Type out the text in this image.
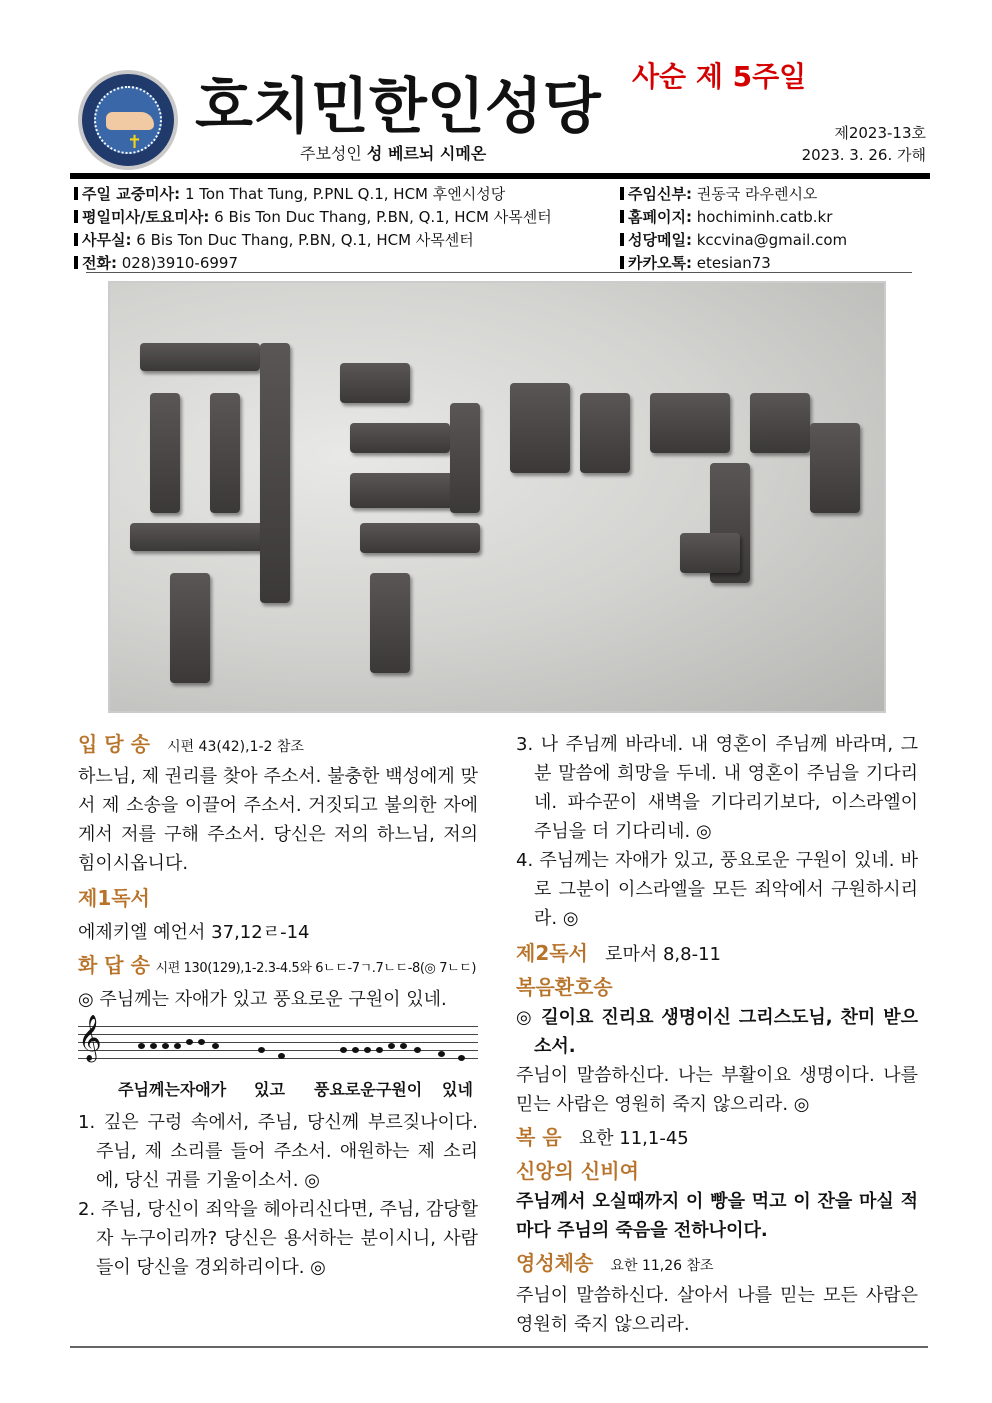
✝
호치민한인성당 사순 제 5주일
주보성인 성 베르뇌 시메온
제2023-13호
2023. 3. 26. 가해
주일 교중미사: 1 Ton That Tung, P.PNL Q.1, HCM 후엔시성당
평일미사/토요미사: 6 Bis Ton Duc Thang, P.BN, Q.1, HCM 사목센터
사무실: 6 Bis Ton Duc Thang, P.BN, Q.1, HCM 사목센터
전화: 028)3910-6997
주임신부: 권동국 라우렌시오
홈페이지: hochiminh.catb.kr
성당메일: kccvina@gmail.com
카카오톡: etesian73
입 당 송 시편 43(42),1-2 참조
하느님, 제 권리를 찾아 주소서. 불충한 백성에게 맞서 제 소송을 이끌어 주소서. 거짓되고 불의한 자에게서 저를 구해 주소서. 당신은 저의 하느님, 저의 힘이시옵니다.
제1독서
에제키엘 예언서 37,12ㄹ-14
화 답 송 시편 130(129),1-2.3-4.5와 6ㄴㄷ-7ㄱ.7ㄴㄷ-8(◎ 7ㄴㄷ)
◎ 주님께는 자애가 있고 풍요로운 구원이 있네.
𝄞
주님께는자애가 있고 풍요로운구원이 있네
1. 깊은 구렁 속에서, 주님, 당신께 부르짖나이다. 주님, 제 소리를 들어 주소서. 애원하는 제 소리에, 당신 귀를 기울이소서. ◎
2. 주님, 당신이 죄악을 헤아리신다면, 주님, 감당할 자 누구이리까? 당신은 용서하는 분이시니, 사람들이 당신을 경외하리이다. ◎
3. 나 주님께 바라네. 내 영혼이 주님께 바라며, 그분 말씀에 희망을 두네. 내 영혼이 주님을 기다리네. 파수꾼이 새벽을 기다리기보다, 이스라엘이 주님을 더 기다리네. ◎
4. 주님께는 자애가 있고, 풍요로운 구원이 있네. 바로 그분이 이스라엘을 모든 죄악에서 구원하시리라. ◎
제2독서 로마서 8,8-11
복음환호송
◎ 길이요 진리요 생명이신 그리스도님, 찬미 받으소서.
주님이 말씀하신다. 나는 부활이요 생명이다. 나를 믿는 사람은 영원히 죽지 않으리라. ◎
복 음 요한 11,1-45
신앙의 신비여
주님께서 오실때까지 이 빵을 먹고 이 잔을 마실 적마다 주님의 죽음을 전하나이다.
영성체송 요한 11,26 참조
주님이 말씀하신다. 살아서 나를 믿는 모든 사람은 영원히 죽지 않으리라.
